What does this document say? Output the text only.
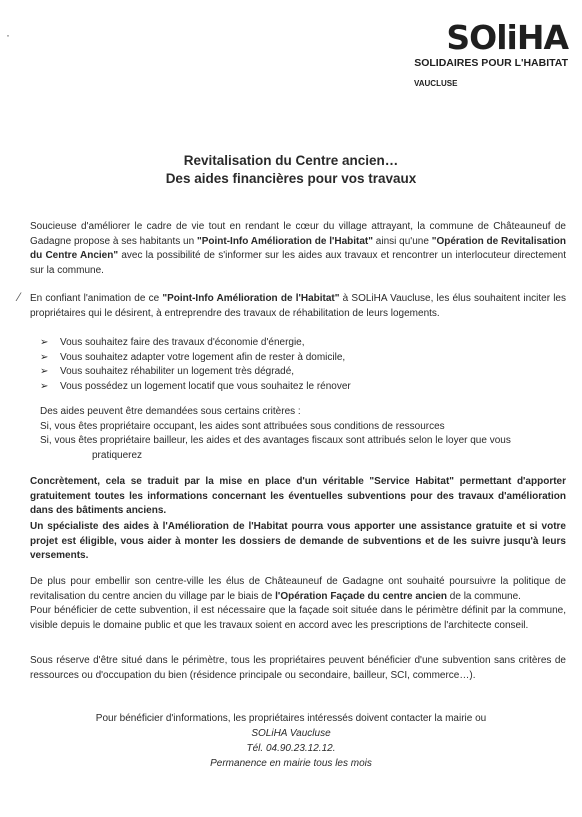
SOliHA
SOLIDAIRES POUR L'HABITAT
VAUCLUSE
·
Revitalisation du Centre ancien…
Des aides financières pour vos travaux
Soucieuse d'améliorer le cadre de vie tout en rendant le cœur du village attrayant, la commune de Châteauneuf de Gadagne propose à ses habitants un "Point-Info Amélioration de l'Habitat" ainsi qu'une "Opération de Revitalisation du Centre Ancien" avec la possibilité de s'informer sur les aides aux travaux et rencontrer un interlocuteur directement sur la commune.
⁄ En confiant l'animation de ce "Point-Info Amélioration de l'Habitat" à SOLiHA Vaucluse, les élus souhaitent inciter les propriétaires qui le désirent, à entreprendre des travaux de réhabilitation de leurs logements.
➢	Vous souhaitez faire des travaux d'économie d'énergie,
➢	Vous souhaitez adapter votre logement afin de rester à domicile,
➢	Vous souhaitez réhabiliter un logement très dégradé,
➢	Vous possédez un logement locatif que vous souhaitez le rénover
Des aides peuvent être demandées sous certains critères :
Si, vous êtes propriétaire occupant, les aides sont attribuées sous conditions de ressources
Si, vous êtes propriétaire bailleur, les aides et des avantages fiscaux sont attribués selon le loyer que vous
pratiquerez
Concrètement, cela se traduit par la mise en place d'un véritable "Service Habitat" permettant d'apporter gratuitement toutes les informations concernant les éventuelles subventions pour des travaux d'amélioration dans des bâtiments anciens.
Un spécialiste des aides à l'Amélioration de l'Habitat pourra vous apporter une assistance gratuite et si votre projet est éligible, vous aider à monter les dossiers de demande de subventions et de les suivre jusqu'à leurs versements.
De plus pour embellir son centre-ville les élus de Châteauneuf de Gadagne ont souhaité poursuivre la politique de revitalisation du centre ancien du village par le biais de l'Opération Façade du centre ancien de la commune.
Pour bénéficier de cette subvention, il est nécessaire que la façade soit située dans le périmètre définit par la commune, visible depuis le domaine public et que les travaux soient en accord avec les prescriptions de l'architecte conseil.
Sous réserve d'être situé dans le périmètre, tous les propriétaires peuvent bénéficier d'une subvention sans critères de ressources ou d'occupation du bien (résidence principale ou secondaire, bailleur, SCI, commerce…).
Pour bénéficier d'informations, les propriétaires intéressés doivent contacter la mairie ou
SOLiHA Vaucluse
Tél. 04.90.23.12.12.
Permanence en mairie tous les mois
